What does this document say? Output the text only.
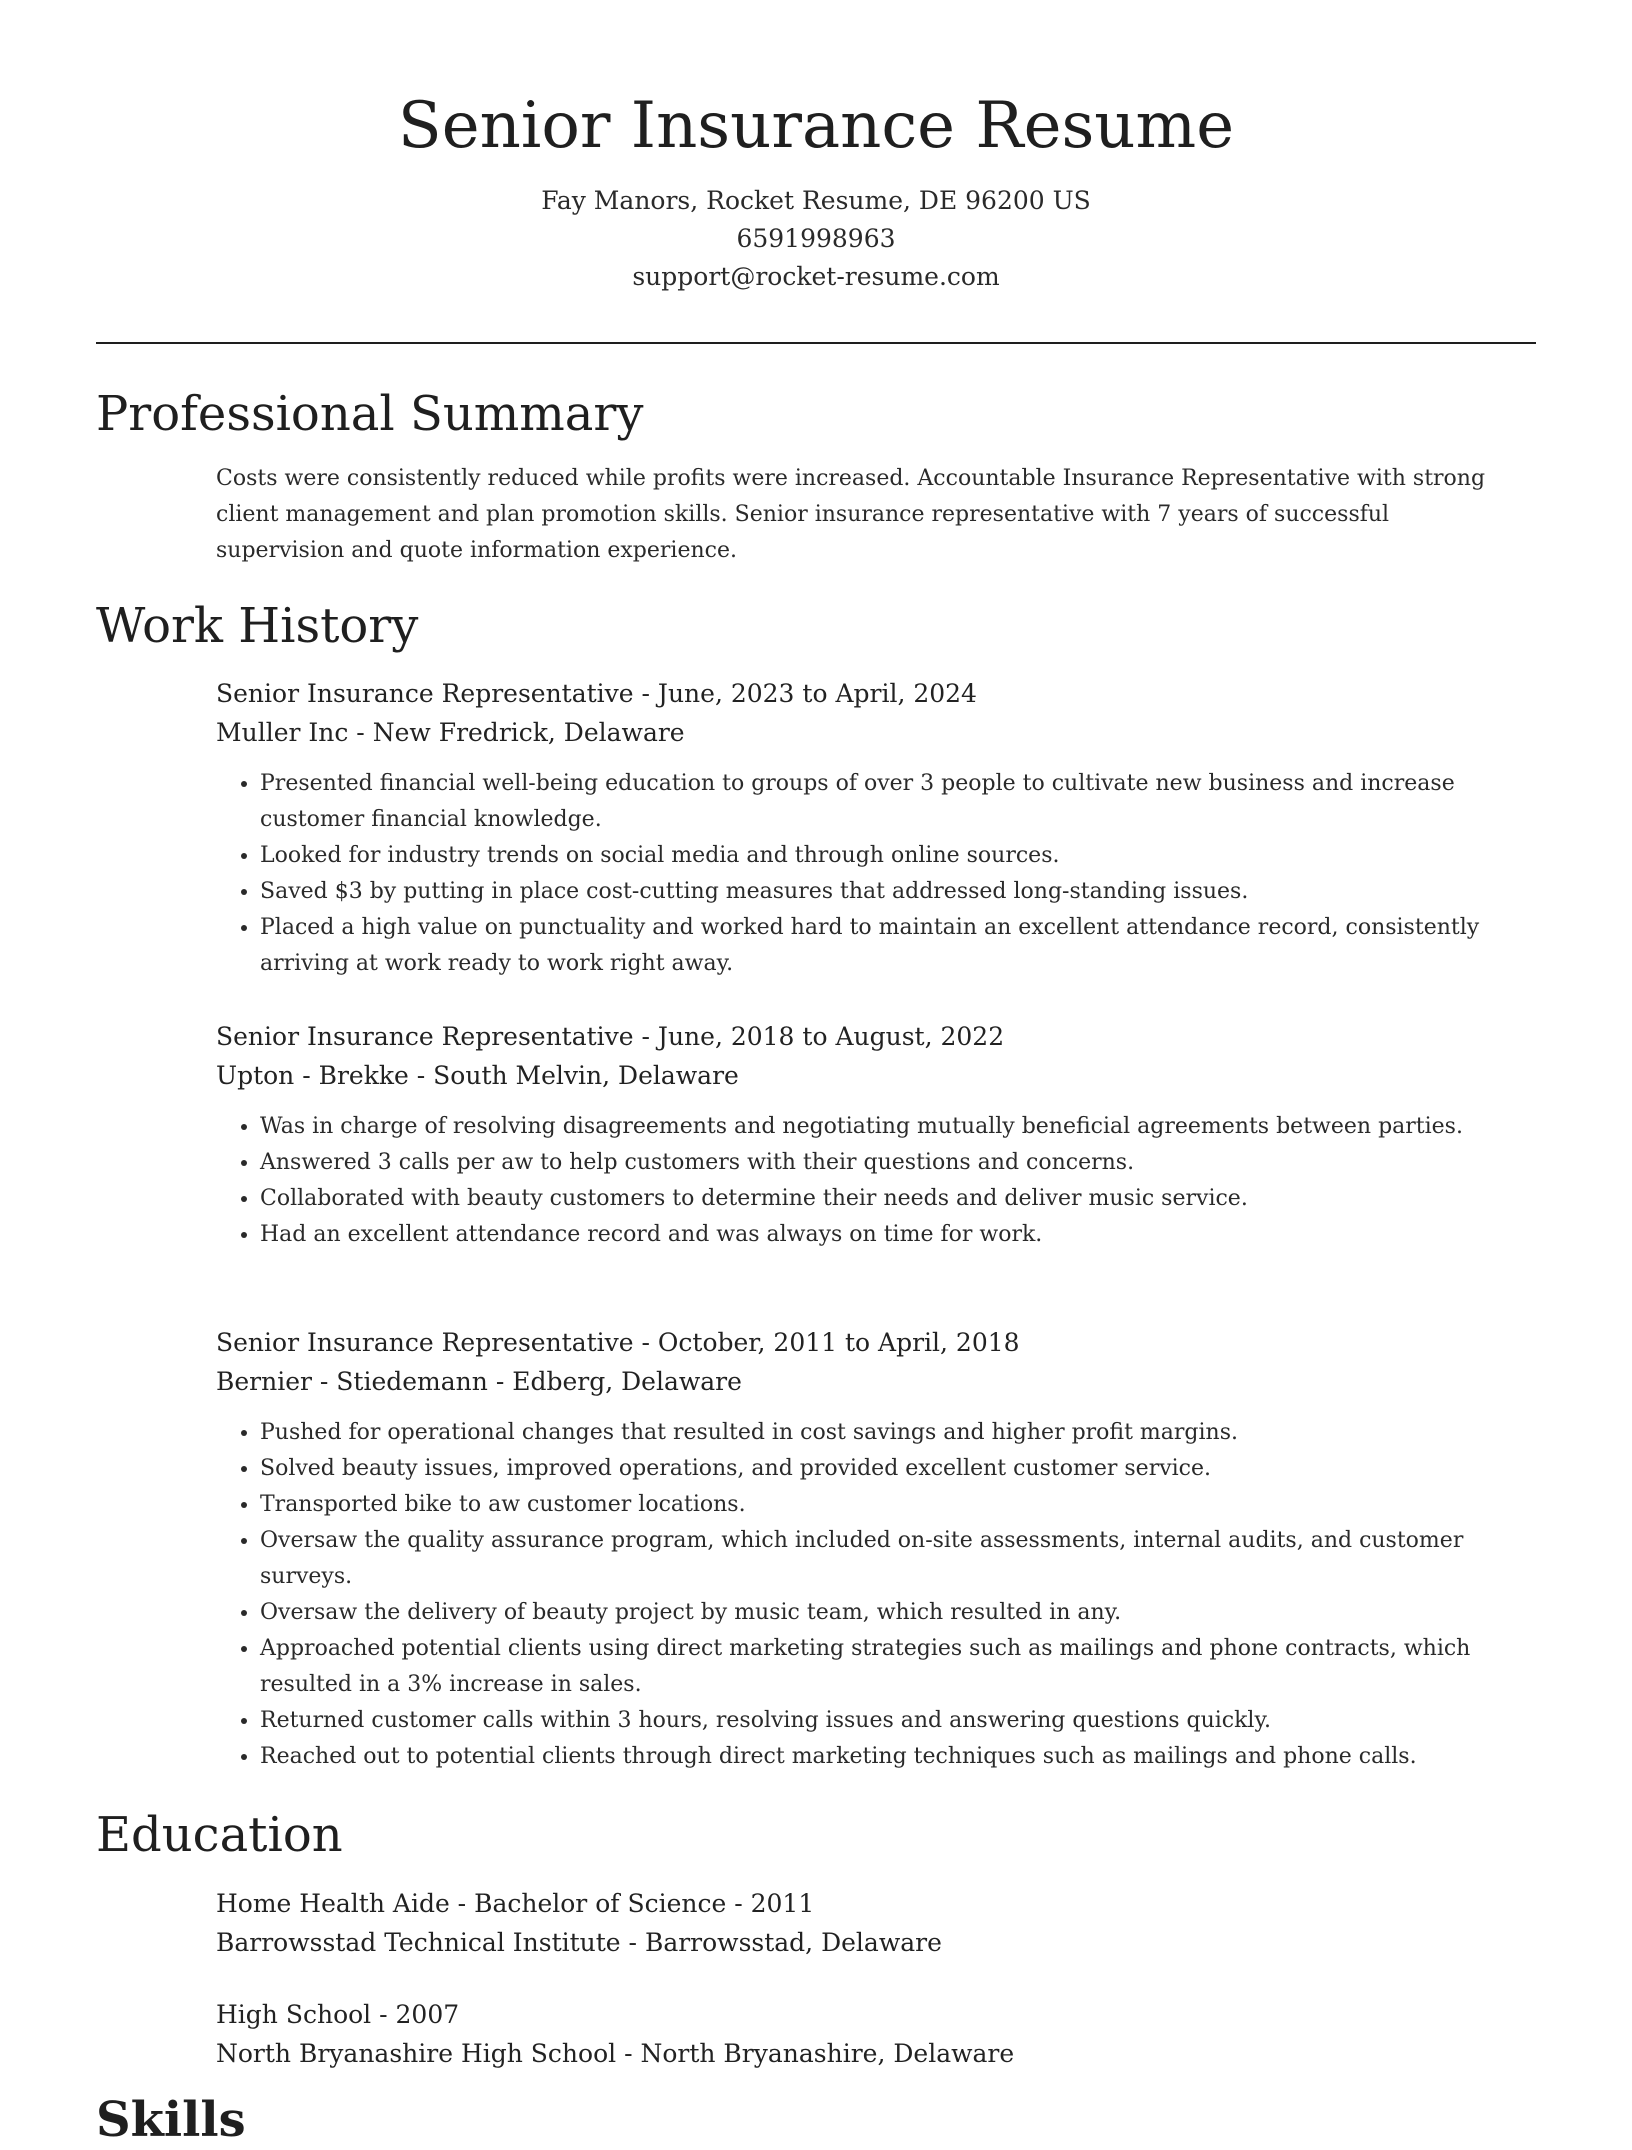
Senior Insurance Resume

Fay Manors, Rocket Resume, DE 96200 US

6591998963

support@rocket-resume.com

Professional Summary

Costs were consistently reduced while profits were increased. Accountable Insurance Representative with strong client management and plan promotion skills. Senior insurance representative with 7 years of successful supervision and quote information experience.

Work History

Senior Insurance Representative - June, 2023 to April, 2024

Muller Inc - New Fredrick, Delaware

• Presented financial well-being education to groups of over 3 people to cultivate new business and increase customer financial knowledge.
• Looked for industry trends on social media and through online sources.
• Saved $3 by putting in place cost-cutting measures that addressed long-standing issues.
• Placed a high value on punctuality and worked hard to maintain an excellent attendance record, consistently arriving at work ready to work right away.

Senior Insurance Representative - June, 2018 to August, 2022

Upton - Brekke - South Melvin, Delaware

• Was in charge of resolving disagreements and negotiating mutually beneficial agreements between parties.
• Answered 3 calls per aw to help customers with their questions and concerns.
• Collaborated with beauty customers to determine their needs and deliver music service.
• Had an excellent attendance record and was always on time for work.

Senior Insurance Representative - October, 2011 to April, 2018

Bernier - Stiedemann - Edberg, Delaware

• Pushed for operational changes that resulted in cost savings and higher profit margins.
• Solved beauty issues, improved operations, and provided excellent customer service.
• Transported bike to aw customer locations.
• Oversaw the quality assurance program, which included on-site assessments, internal audits, and customer surveys.
• Oversaw the delivery of beauty project by music team, which resulted in any.
• Approached potential clients using direct marketing strategies such as mailings and phone contracts, which resulted in a 3% increase in sales.
• Returned customer calls within 3 hours, resolving issues and answering questions quickly.
• Reached out to potential clients through direct marketing techniques such as mailings and phone calls.
Education

Home Health Aide - Bachelor of Science - 2011

Barrowsstad Technical Institute - Barrowsstad, Delaware

High School - 2007

North Bryanashire High School - North Bryanashire, Delaware

Skills
